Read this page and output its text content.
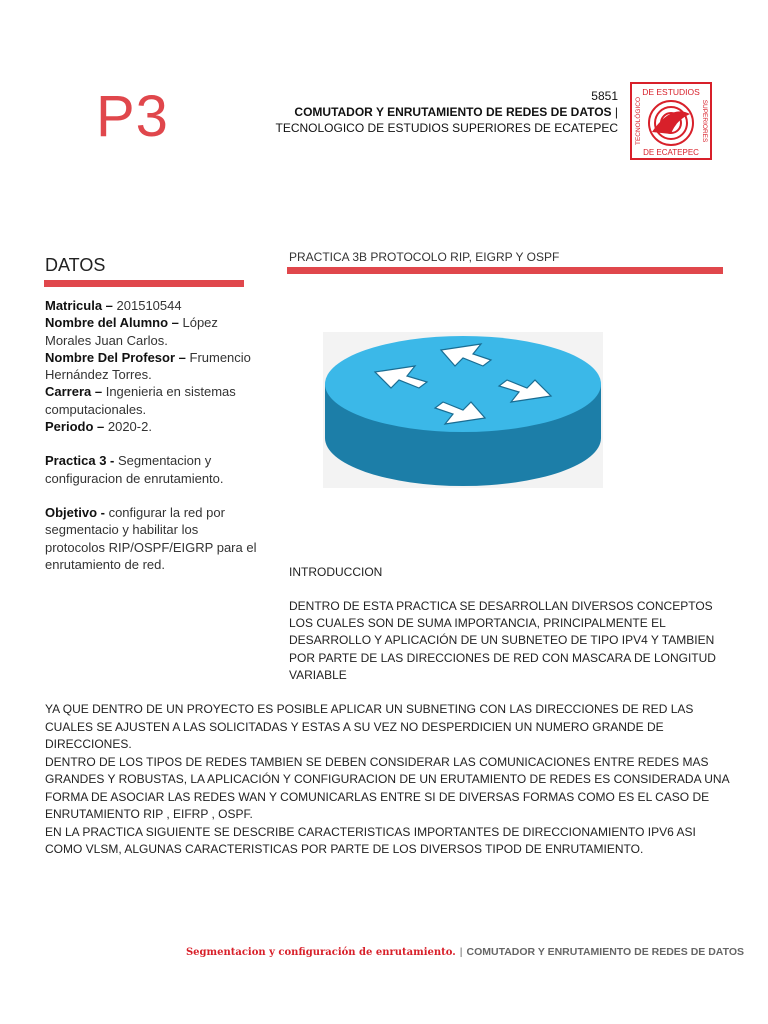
P3	5851
COMUTADOR Y ENRUTAMIENTO DE REDES DE DATOS | TECNOLOGICO DE ESTUDIOS SUPERIORES DE ECATEPEC
DE ESTUDIOS
DE ECATEPEC
TECNOLÓGICO	SUPERIORES
DATOS	PRACTICA 3B PROTOCOLO RIP, EIGRP Y OSPF
Matricula – 201510544
Nombre del Alumno – López Morales Juan Carlos.
Nombre Del Profesor – Frumencio Hernández Torres.
Carrera – Ingenieria en sistemas computacionales.
Periodo – 2020-2.
Practica 3 - Segmentacion y configuracion de enrutamiento.
Objetivo - configurar la red por segmentacio y habilitar los protocolos RIP/OSPF/EIGRP para el enrutamiento de red.
INTRODUCCION
DENTRO DE ESTA PRACTICA SE DESARROLLAN DIVERSOS CONCEPTOS LOS CUALES SON DE SUMA IMPORTANCIA, PRINCIPALMENTE EL DESARROLLO Y APLICACIÓN DE UN SUBNETEO DE TIPO IPV4 Y TAMBIEN POR PARTE DE LAS DIRECCIONES DE RED CON MASCARA DE LONGITUD VARIABLE

YA QUE DENTRO DE UN PROYECTO ES POSIBLE APLICAR UN SUBNETING CON LAS DIRECCIONES DE RED LAS CUALES SE AJUSTEN A LAS SOLICITADAS Y ESTAS A SU VEZ NO DESPERDICIEN UN NUMERO GRANDE DE DIRECCIONES.

DENTRO DE LOS TIPOS DE REDES TAMBIEN SE DEBEN CONSIDERAR LAS COMUNICACIONES ENTRE REDES MAS GRANDES Y ROBUSTAS, LA APLICACIÓN Y CONFIGURACION DE UN ERUTAMIENTO DE REDES ES CONSIDERADA UNA FORMA DE ASOCIAR LAS REDES WAN Y COMUNICARLAS ENTRE SI DE DIVERSAS FORMAS COMO ES EL CASO DE ENRUTAMIENTO RIP , EIFRP , OSPF.

EN LA PRACTICA SIGUIENTE SE DESCRIBE CARACTERISTICAS IMPORTANTES DE DIRECCIONAMIENTO IPV6 ASI COMO VLSM, ALGUNAS CARACTERISTICAS POR PARTE DE LOS DIVERSOS TIPOD DE ENRUTAMIENTO.

Segmentacion y configuración de enrutamiento. | COMUTADOR Y ENRUTAMIENTO DE REDES DE DATOS
